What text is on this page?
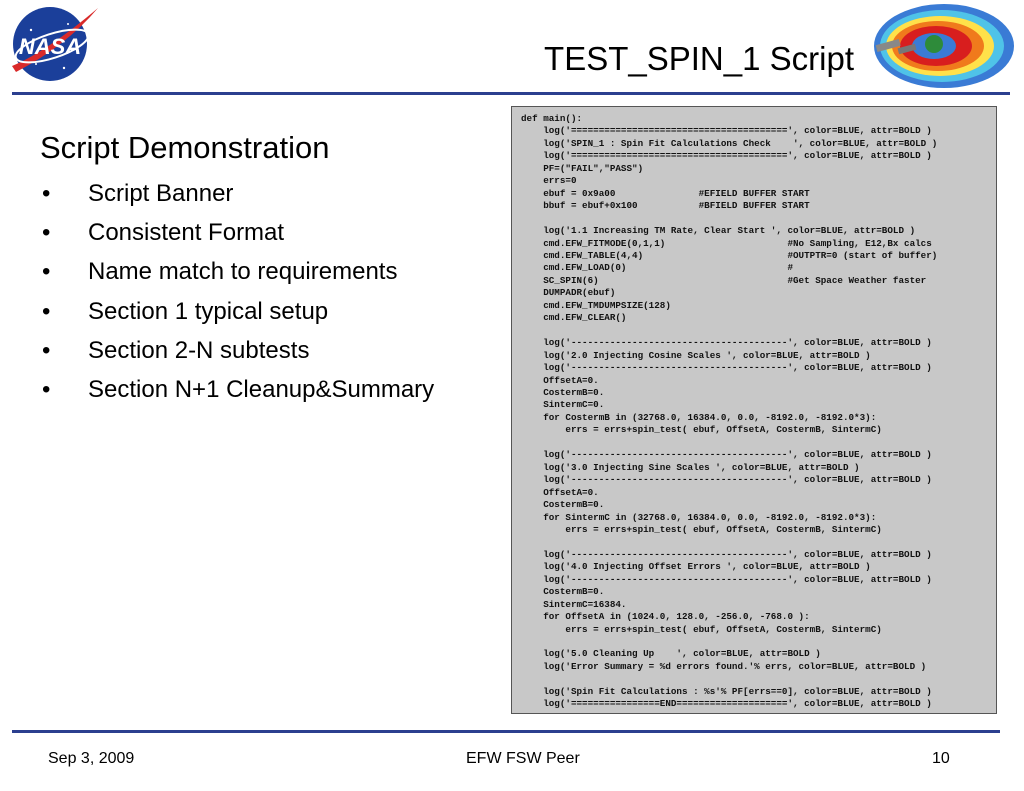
NASA	TEST_SPIN_1 Script
Script Demonstration
• Script Banner
• Consistent Format
• Name match to requirements
• Section 1 typical setup
• Section 2-N subtests
• Section N+1 Cleanup&Summary
def main():
log('=======================================', color=BLUE, attr=BOLD )
log('SPIN_1 : Spin Fit Calculations Check    ', color=BLUE, attr=BOLD )
log('=======================================', color=BLUE, attr=BOLD )
PF=("FAIL","PASS")
errs=0
ebuf = 0x9a00               #EFIELD BUFFER START
bbuf = ebuf+0x100           #BFIELD BUFFER START

log('1.1 Increasing TM Rate, Clear Start ', color=BLUE, attr=BOLD )
cmd.EFW_FITMODE(0,1,1)                      #No Sampling, E12,Bx calcs
cmd.EFW_TABLE(4,4)                          #OUTPTR=0 (start of buffer)
cmd.EFW_LOAD(0)                             #
SC_SPIN(6)                                  #Get Space Weather faster
DUMPADR(ebuf)
cmd.EFW_TMDUMPSIZE(128)
cmd.EFW_CLEAR()

log('---------------------------------------', color=BLUE, attr=BOLD )
log('2.0 Injecting Cosine Scales ', color=BLUE, attr=BOLD )
log('---------------------------------------', color=BLUE, attr=BOLD )
OffsetA=0.
CostermB=0.
SintermC=0.
for CostermB in (32768.0, 16384.0, 0.0, -8192.0, -8192.0*3):
errs = errs+spin_test( ebuf, OffsetA, CostermB, SintermC)

log('---------------------------------------', color=BLUE, attr=BOLD )
log('3.0 Injecting Sine Scales ', color=BLUE, attr=BOLD )
log('---------------------------------------', color=BLUE, attr=BOLD )
OffsetA=0.
CostermB=0.
for SintermC in (32768.0, 16384.0, 0.0, -8192.0, -8192.0*3):
errs = errs+spin_test( ebuf, OffsetA, CostermB, SintermC)

log('---------------------------------------', color=BLUE, attr=BOLD )
log('4.0 Injecting Offset Errors ', color=BLUE, attr=BOLD )
log('---------------------------------------', color=BLUE, attr=BOLD )
CostermB=0.
SintermC=16384.
for OffsetA in (1024.0, 128.0, -256.0, -768.0 ):
errs = errs+spin_test( ebuf, OffsetA, CostermB, SintermC)

log('5.0 Cleaning Up    ', color=BLUE, attr=BOLD )
log('Error Summary = %d errors found.'% errs, color=BLUE, attr=BOLD )

log('Spin Fit Calculations : %s'% PF[errs==0], color=BLUE, attr=BOLD )
log('================END====================', color=BLUE, attr=BOLD )

Sep 3, 2009	EFW FSW Peer	10
